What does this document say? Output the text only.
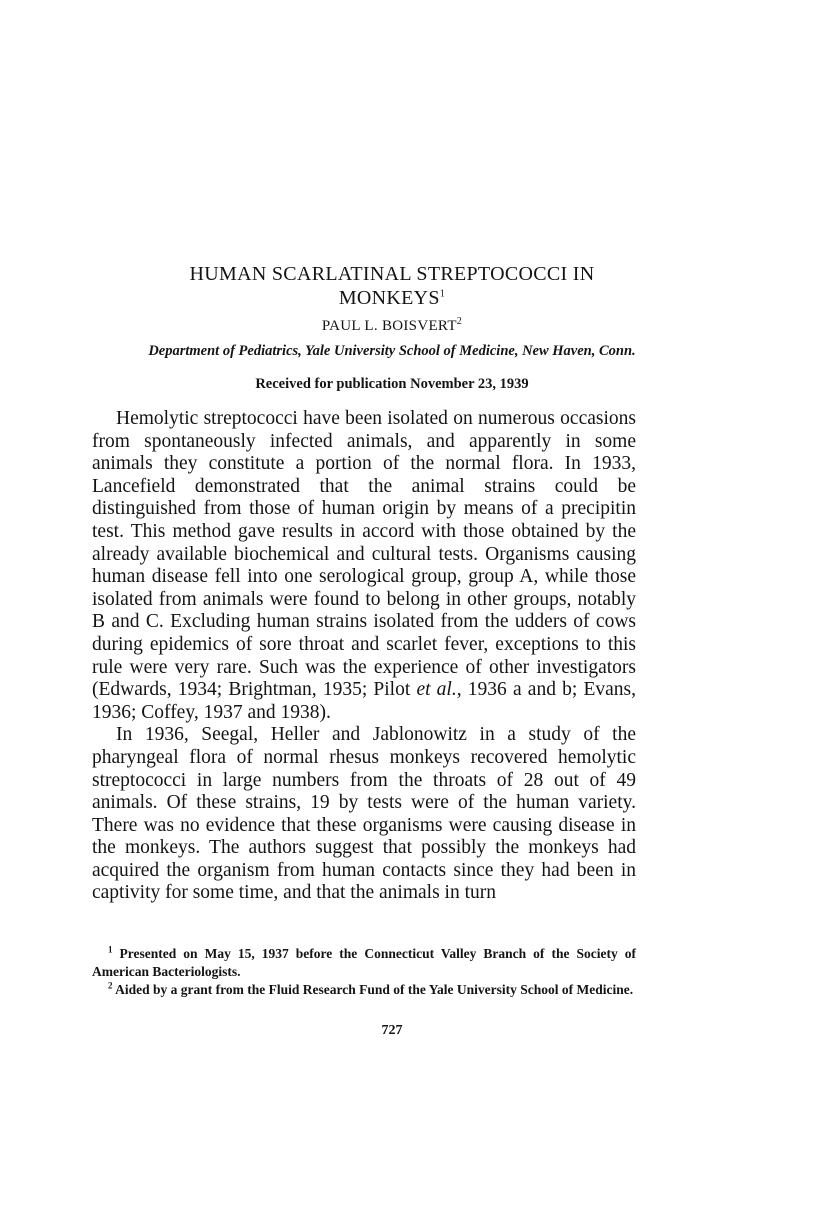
HUMAN SCARLATINAL STREPTOCOCCI IN
MONKEYS$^1$
PAUL L. BOISVERT$^2$
Department of Pediatrics, Yale University School of Medicine, New Haven, Conn.
Received for publication November 23, 1939

Hemolytic streptococci have been isolated on numerous occasions from spontaneously infected animals, and apparently in some animals they constitute a portion of the normal flora. In 1933, Lancefield demonstrated that the animal strains could be distinguished from those of human origin by means of a precipitin test. This method gave results in accord with those obtained by the already available biochemical and cultural tests. Organisms causing human disease fell into one serological group, group A, while those isolated from animals were found to belong in other groups, notably B and C. Excluding human strains isolated from the udders of cows during epidemics of sore throat and scarlet fever, exceptions to this rule were very rare. Such was the experience of other investigators (Edwards, 1934; Brightman, 1935; Pilot et al., 1936 a and b; Evans, 1936; Coffey, 1937 and 1938).

In 1936, Seegal, Heller and Jablonowitz in a study of the pharyngeal flora of normal rhesus monkeys recovered hemolytic streptococci in large numbers from the throats of 28 out of 49 animals. Of these strains, 19 by tests were of the human variety. There was no evidence that these organisms were causing disease in the monkeys. The authors suggest that possibly the monkeys had acquired the organism from human contacts since they had been in captivity for some time, and that the animals in turn

$^1$ Presented on May 15, 1937 before the Connecticut Valley Branch of the Society of American Bacteriologists.

$^2$ Aided by a grant from the Fluid Research Fund of the Yale University School of Medicine.

727
